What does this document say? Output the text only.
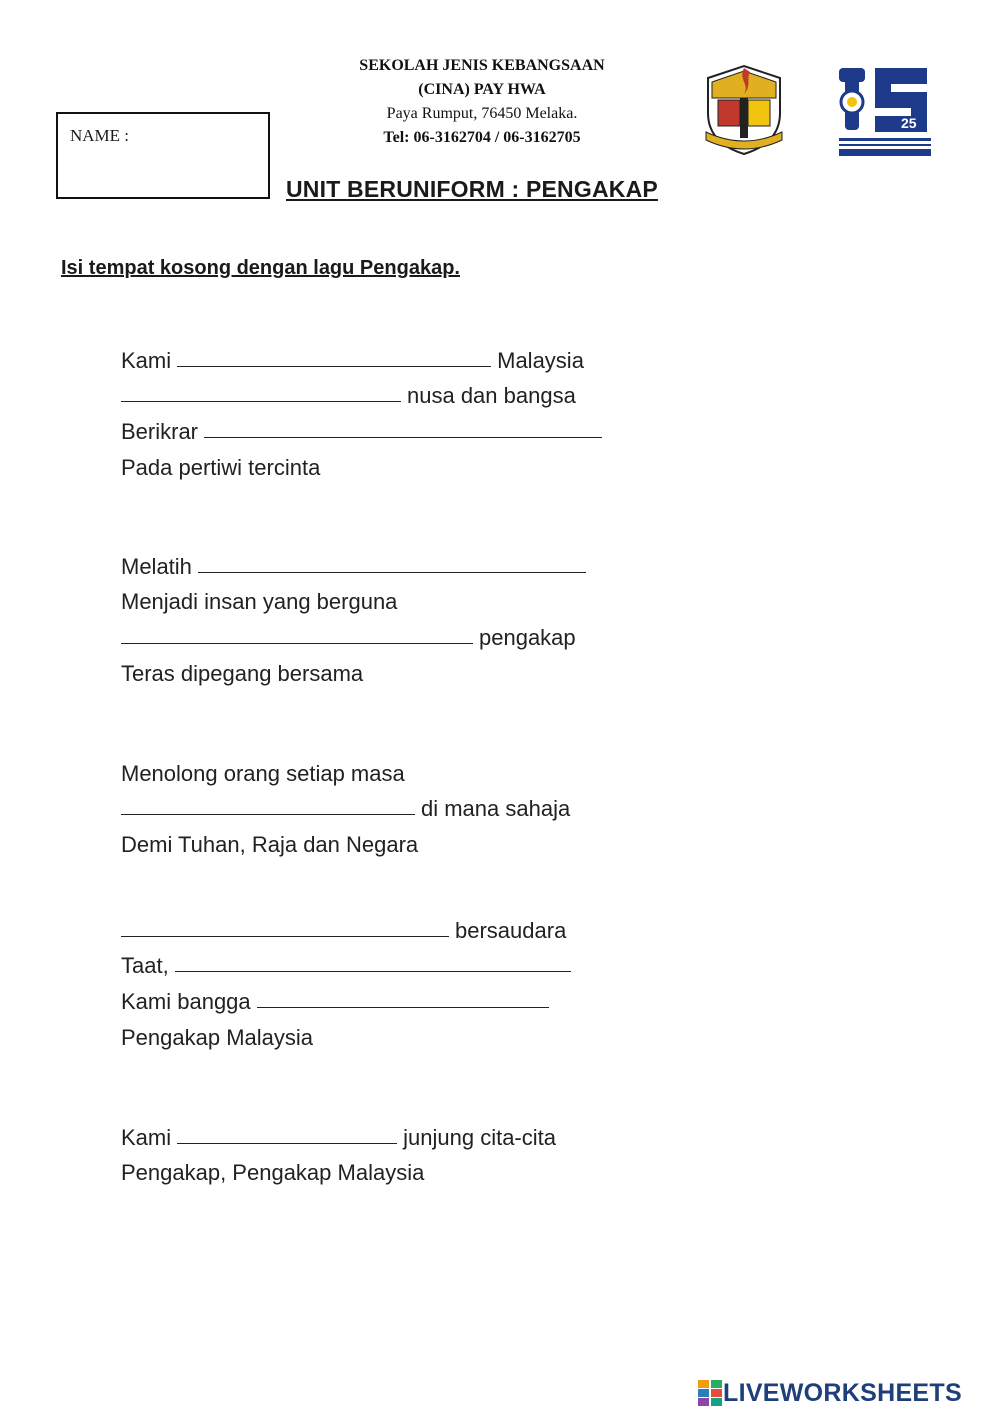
SEKOLAH JENIS KEBANGSAAN
(CINA) PAY HWA
Paya Rumput, 76450 Melaka.
Tel: 06-3162704 / 06-3162705
NAME :
25
UNIT BERUNIFORM : PENGAKAP
Isi tempat kosong dengan lagu Pengakap.
Kami	Malaysia
nusa dan bangsa
Berikrar
Pada pertiwi tercinta
Melatih
Menjadi insan yang berguna
pengakap
Teras dipegang bersama
Menolong orang setiap masa
di mana sahaja
Demi Tuhan, Raja dan Negara
bersaudara
Taat,
Kami bangga
Pengakap Malaysia
Kami	junjung cita-cita
Pengakap, Pengakap Malaysia
LIVEWORKSHEETS
